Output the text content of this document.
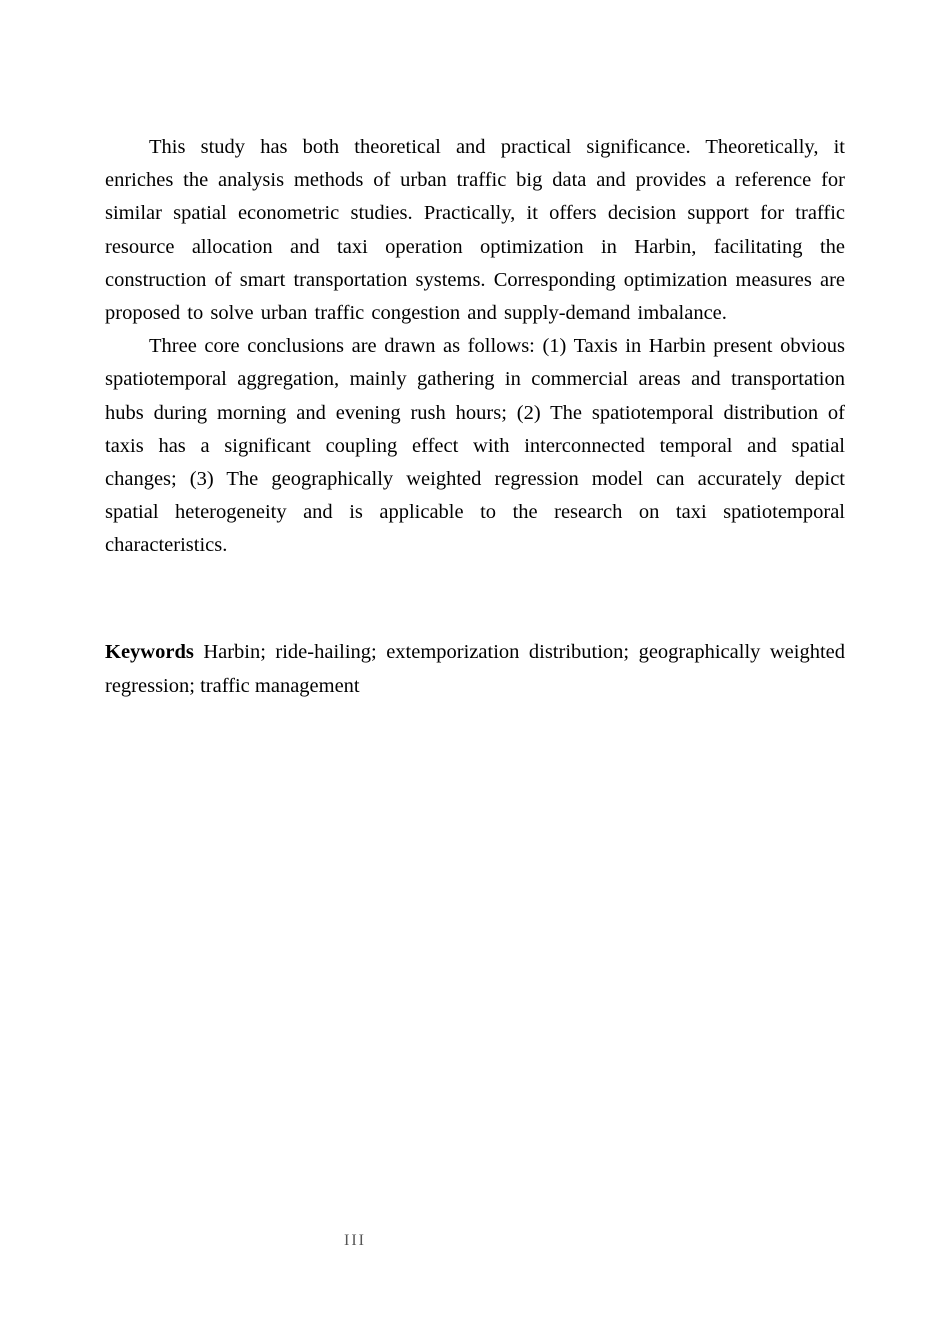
This study has both theoretical and practical significance. Theoretically, it enriches the analysis methods of urban traffic big data and provides a reference for similar spatial econometric studies. Practically, it offers decision support for traffic resource allocation and taxi operation optimization in Harbin, facilitating the construction of smart transportation systems. Corresponding optimization measures are proposed to solve urban traffic congestion and supply-demand imbalance.

Three core conclusions are drawn as follows: (1) Taxis in Harbin present obvious spatiotemporal aggregation, mainly gathering in commercial areas and transportation hubs during morning and evening rush hours; (2) The spatiotemporal distribution of taxis has a significant coupling effect with interconnected temporal and spatial changes; (3) The geographically weighted regression model can accurately depict spatial heterogeneity and is applicable to the research on taxi spatiotemporal characteristics.

Keywords Harbin; ride-hailing; extemporization distribution; geographically weighted regression; traffic management

III
